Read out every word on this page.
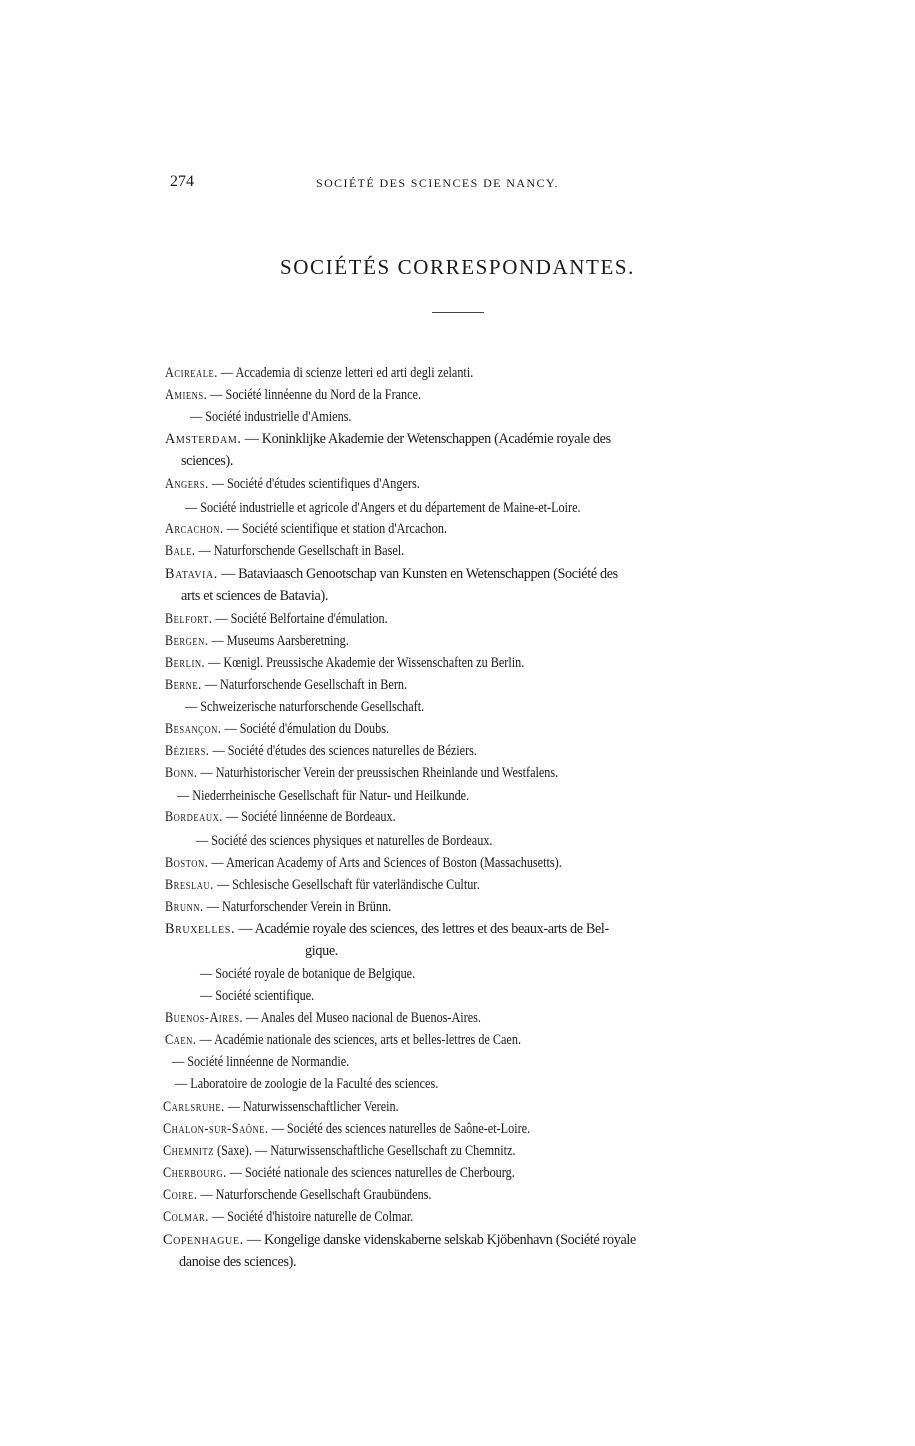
274	SOCIÉTÉ DES SCIENCES DE NANCY.
SOCIÉTÉS CORRESPONDANTES.
Acireale. — Accademia di scienze letteri ed arti degli zelanti.
Amiens. — Société linnéenne du Nord de la France.
— Société industrielle d'Amiens.
Amsterdam. — Koninklijke Akademie der Wetenschappen (Académie royale des
sciences).
Angers. — Société d'études scientifiques d'Angers.
— Société industrielle et agricole d'Angers et du département de Maine-et-Loire.
Arcachon. — Société scientifique et station d'Arcachon.
Bale. — Naturforschende Gesellschaft in Basel.
Batavia. — Bataviaasch Genootschap van Kunsten en Wetenschappen (Société des
arts et sciences de Batavia).
Belfort. — Société Belfortaine d'émulation.
Bergen. — Museums Aarsberetning.
Berlin. — Kœnigl. Preussische Akademie der Wissenschaften zu Berlin.
Berne. — Naturforschende Gesellschaft in Bern.
— Schweizerische naturforschende Gesellschaft.
Besançon. — Société d'émulation du Doubs.
Béziers. — Société d'études des sciences naturelles de Béziers.
Bonn. — Naturhistorischer Verein der preussischen Rheinlande und Westfalens.
— Niederrheinische Gesellschaft für Natur- und Heilkunde.
Bordeaux. — Société linnéenne de Bordeaux.
— Société des sciences physiques et naturelles de Bordeaux.
Boston. — American Academy of Arts and Sciences of Boston (Massachusetts).
Breslau. — Schlesische Gesellschaft für vaterländische Cultur.
Brunn. — Naturforschender Verein in Brünn.
Bruxelles. — Académie royale des sciences, des lettres et des beaux-arts de Bel-
gique.
— Société royale de botanique de Belgique.
— Société scientifique.
Buenos-Aires. — Anales del Museo nacional de Buenos-Aires.
Caen. — Académie nationale des sciences, arts et belles-lettres de Caen.
— Société linnéenne de Normandie.
— Laboratoire de zoologie de la Faculté des sciences.
Carlsruhe. — Naturwissenschaftlicher Verein.
Chalon-sur-Saône. — Société des sciences naturelles de Saône-et-Loire.
Chemnitz (Saxe). — Naturwissenschaftliche Gesellschaft zu Chemnitz.
Cherbourg. — Société nationale des sciences naturelles de Cherbourg.
Coire. — Naturforschende Gesellschaft Graubündens.
Colmar. — Société d'histoire naturelle de Colmar.
Copenhague. — Kongelige danske videnskaberne selskab Kjöbenhavn (Société royale
danoise des sciences).
